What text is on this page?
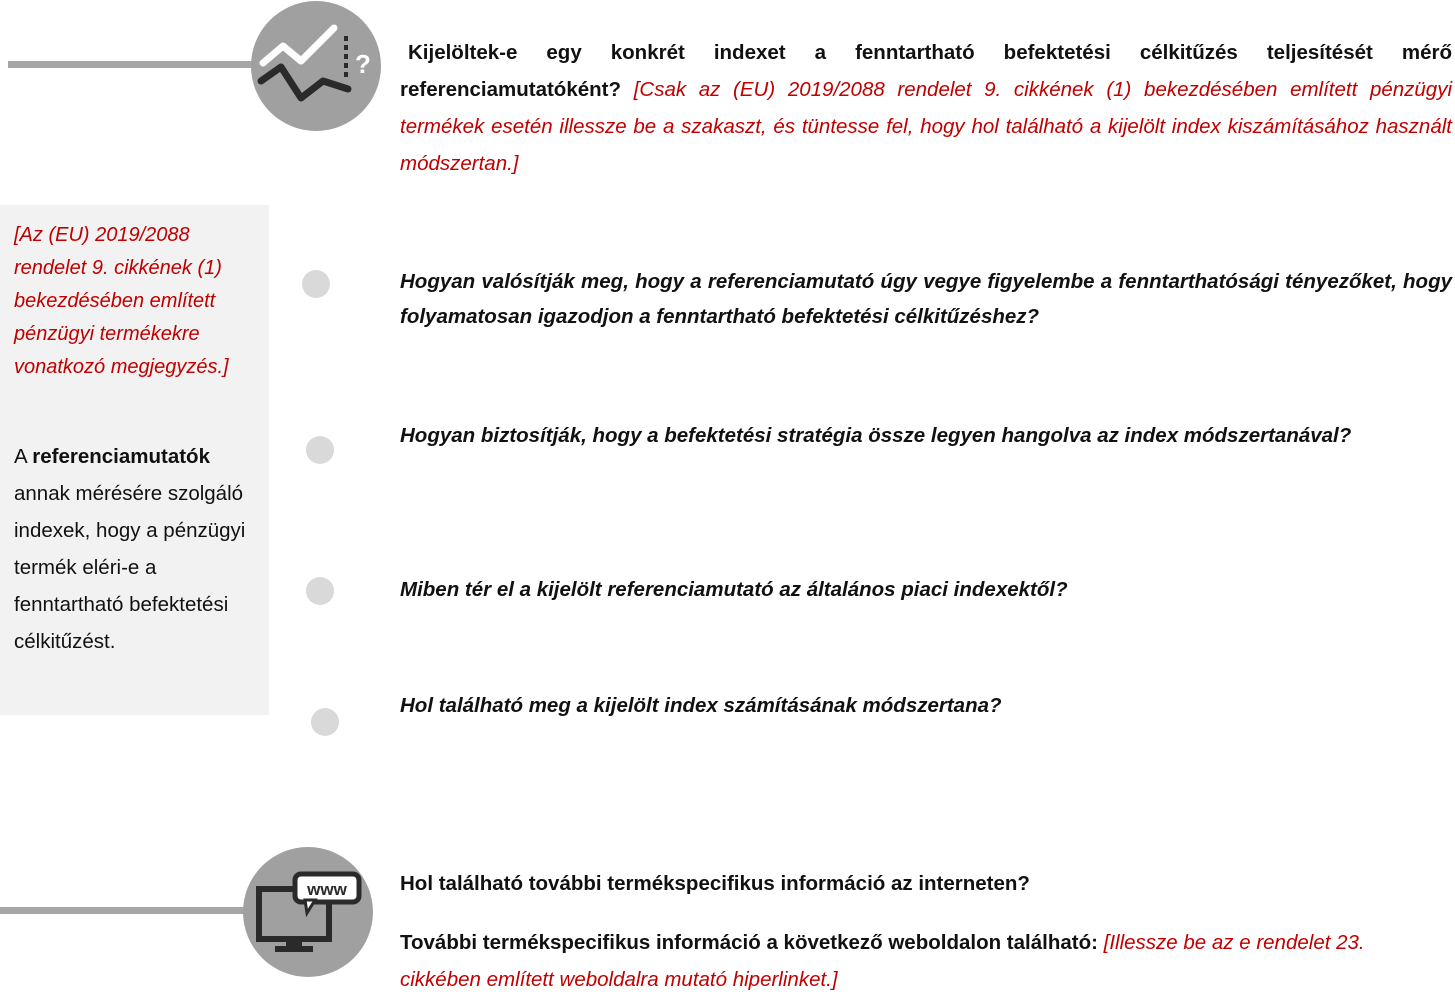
?	Kijelöltek-e egy konkrét indexet a fenntartható befektetési célkitűzés teljesítését mérő referenciamutatóként? [Csak az (EU) 2019/2088 rendelet 9. cikkének (1) bekezdésében említett pénzügyi termékek esetén illessze be a szakaszt, és tüntesse fel, hogy hol található a kijelölt index kiszámításához használt módszertan.]
[Az (EU) 2019/2088 rendelet 9. cikkének (1) bekezdésében említett pénzügyi termékekre vonatkozó megjegyzés.]
A referenciamutatók annak mérésére szolgáló indexek, hogy a pénzügyi termék eléri-e a fenntartható befektetési célkitűzést.
Hogyan valósítják meg, hogy a referenciamutató úgy vegye figyelembe a fenntarthatósági tényezőket, hogy folyamatosan igazodjon a fenntartható befektetési célkitűzéshez?
Hogyan biztosítják, hogy a befektetési stratégia össze legyen hangolva az index módszertanával?
Miben tér el a kijelölt referenciamutató az általános piaci indexektől?
Hol található meg a kijelölt index számításának módszertana?
www	Hol található további termékspecifikus információ az interneten?
További termékspecifikus információ a következő weboldalon található: [Illessze be az e rendelet 23. cikkében említett weboldalra mutató hiperlinket.]
